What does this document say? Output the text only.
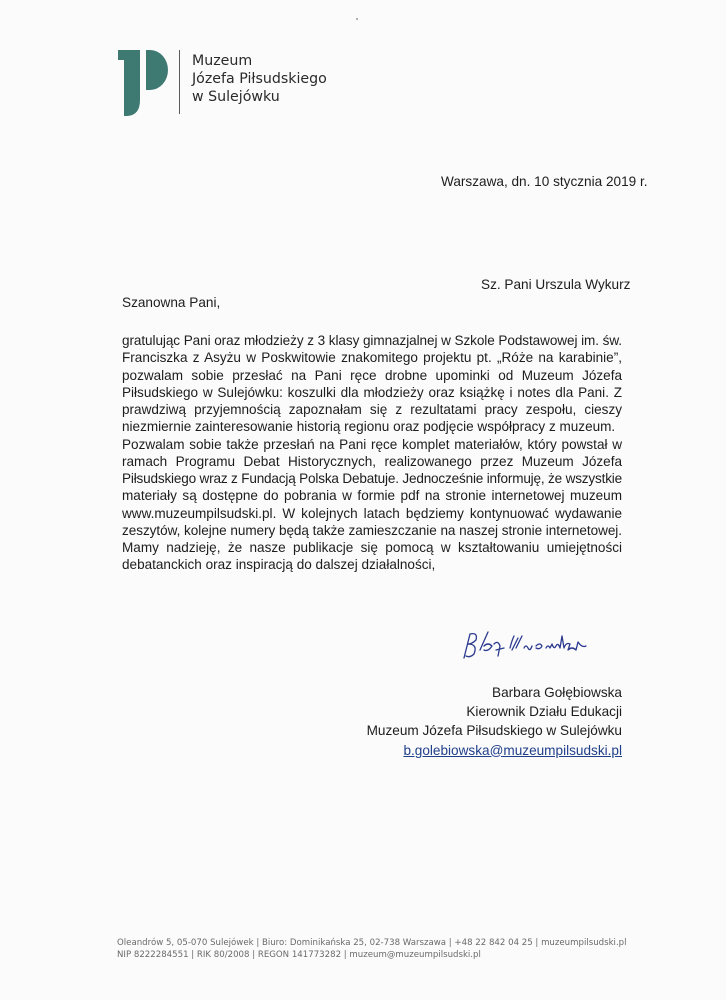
Muzeum
Józefa Piłsudskiego
w Sulejówku
Warszawa, dn. 10 stycznia 2019 r.
Sz. Pani Urszula Wykurz
Szanowna Pani,
gratulując Pani oraz młodzieży z 3 klasy gimnazjalnej w Szkole Podstawowej im. św.
Franciszka z Asyżu w Poskwitowie znakomitego projektu pt. „Róże na karabinie”,
pozwalam sobie przesłać na Pani ręce drobne upominki od Muzeum Józefa
Piłsudskiego w Sulejówku: koszulki dla młodzieży oraz książkę i notes dla Pani. Z
prawdziwą przyjemnością zapoznałam się z rezultatami pracy zespołu, cieszy
niezmiernie zainteresowanie historią regionu oraz podjęcie współpracy z muzeum.
Pozwalam sobie także przesłań na Pani ręce komplet materiałów, który powstał w
ramach Programu Debat Historycznych, realizowanego przez Muzeum Józefa
Piłsudskiego wraz z Fundacją Polska Debatuje. Jednocześnie informuję, że wszystkie
materiały są dostępne do pobrania w formie pdf na stronie internetowej muzeum
www.muzeumpilsudski.pl. W kolejnych latach będziemy kontynuować wydawanie
zeszytów, kolejne numery będą także zamieszczanie na naszej stronie internetowej.
Mamy nadzieję, że nasze publikacje się pomocą w kształtowaniu umiejętności
debatanckich oraz inspiracją do dalszej działalności,
Barbara Gołębiowska
Kierownik Działu Edukacji
Muzeum Józefa Piłsudskiego w Sulejówku
b.golebiowska@muzeumpilsudski.pl
Oleandrów 5, 05-070 Sulejówek | Biuro: Dominikańska 25, 02-738 Warszawa | +48 22 842 04 25 | muzeumpilsudski.pl
NIP 8222284551 | RIK 80/2008 | REGON 141773282 | muzeum@muzeumpilsudski.pl
